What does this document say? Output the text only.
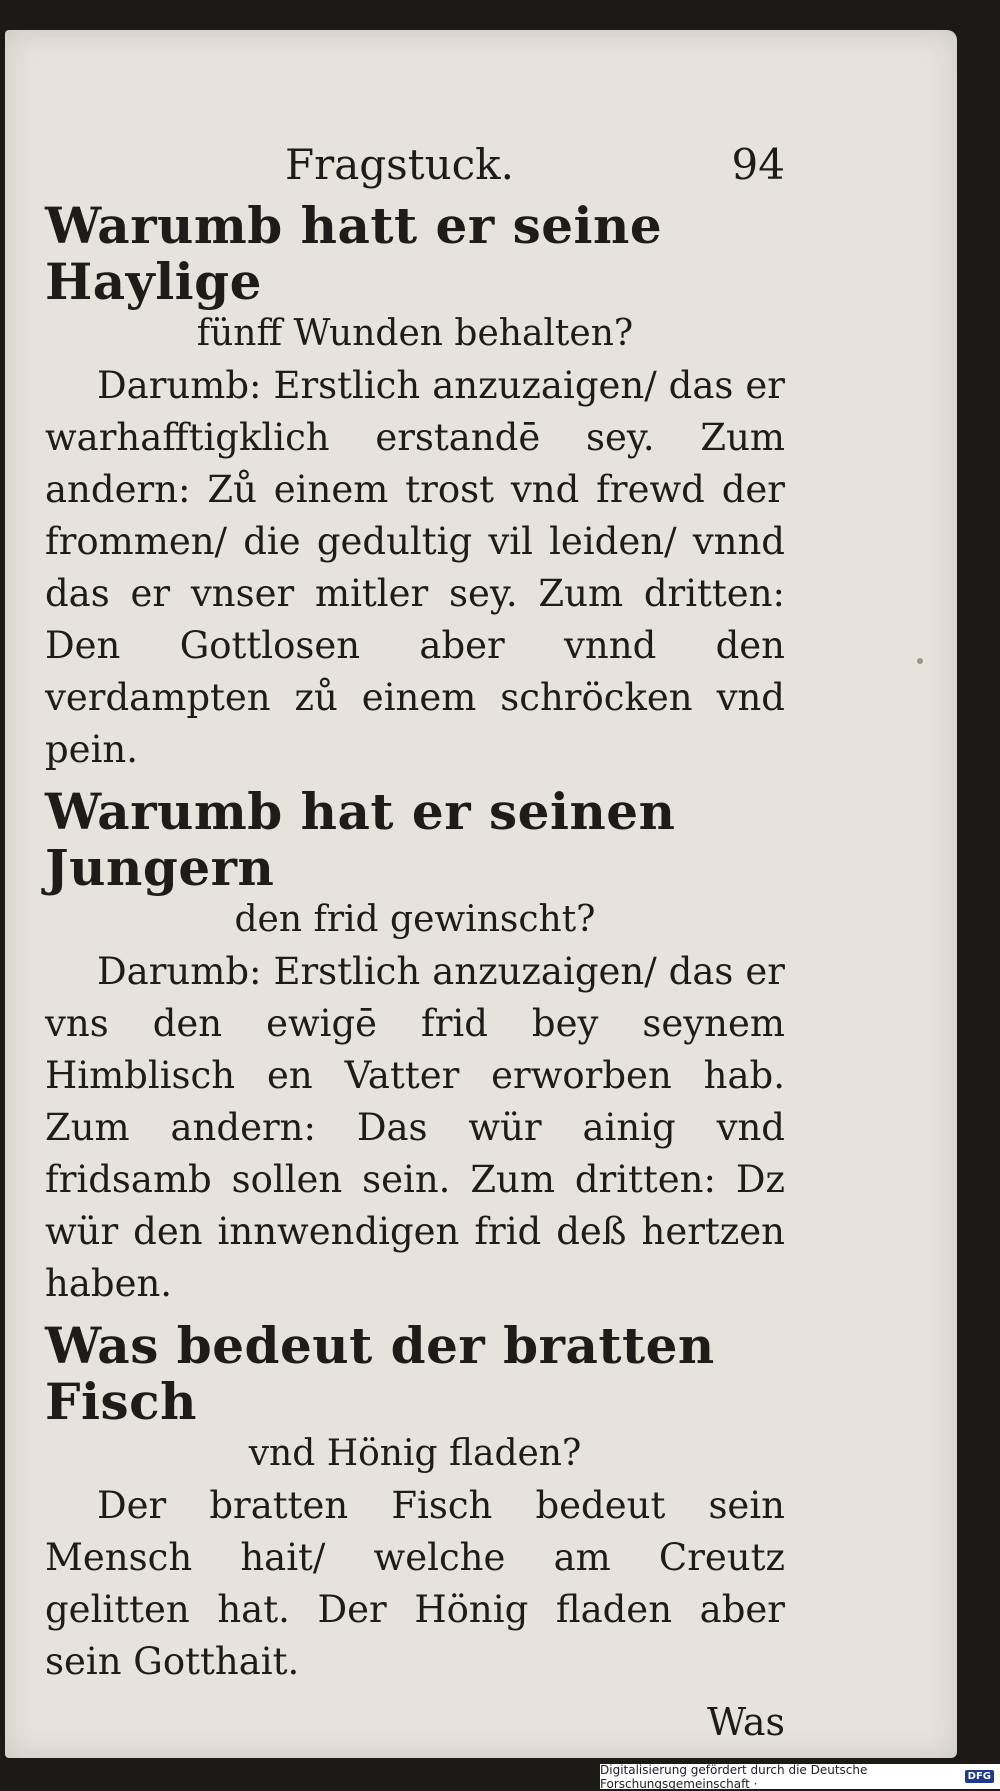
Fragstuck.	94
Warumb hatt er seine Haylige
fünff Wunden behalten?

Darumb: Erstlich anzuzaigen/ das er warhafftigklich erstandē sey. Zum andern: Zů einem trost vnd frewd der frommen/ die gedultig vil leiden/ vnnd das er vnser mitler sey. Zum dritten: Den Gottlosen aber vnnd den verdampten zů einem schröcken vnd pein.

Warumb hat er seinen Jungern
den frid gewinscht?

Darumb: Erstlich anzuzaigen/ das er vns den ewigē frid bey seynem Himblisch en Vatter erworben hab. Zum andern: Das wür ainig vnd fridsamb sollen sein. Zum dritten: Dz wür den innwendigen frid deß hertzen haben.

Was bedeut der bratten Fisch
vnd Hönig fladen?

Der bratten Fisch bedeut sein Mensch hait/ welche am Creutz gelitten hat. Der Hönig fladen aber sein Gotthait.

Was
Digitalisierung gefördert durch die Deutsche Forschungsgemeinschaft ·	DFG
